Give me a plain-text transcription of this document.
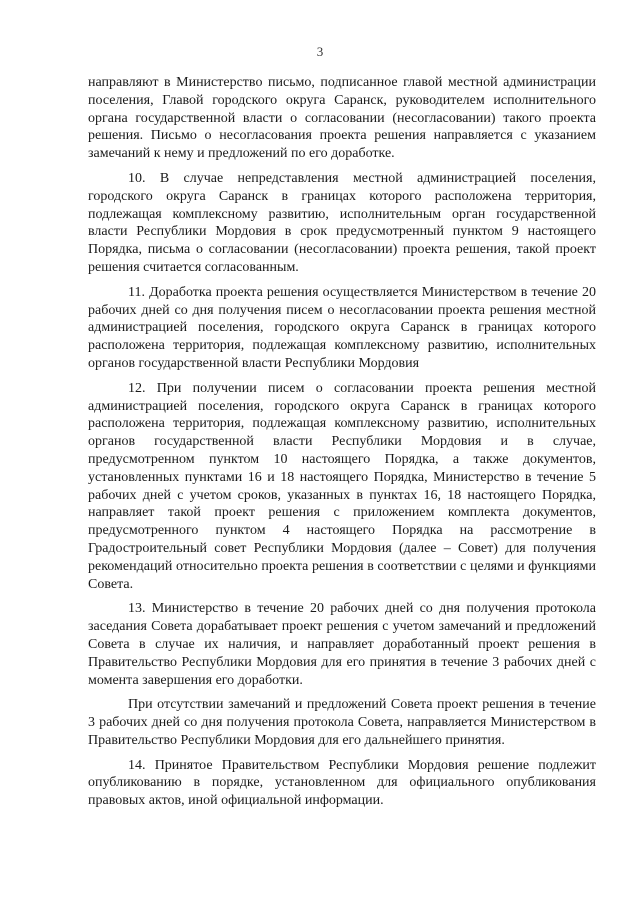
3

направляют в Министерство письмо, подписанное главой местной администрации поселения, Главой городского округа Саранск, руководителем исполнительного органа государственной власти о согласовании (несогласовании) такого проекта решения. Письмо о несогласования проекта решения направляется с указанием замечаний к нему и предложений по его доработке.

10. В случае непредставления местной администрацией поселения, городского округа Саранск в границах которого расположена территория, подлежащая комплексному развитию, исполнительным орган государственной власти Республики Мордовия в срок предусмотренный пунктом 9 настоящего Порядка, письма о согласовании (несогласовании) проекта решения, такой проект решения считается согласованным.

11. Доработка проекта решения осуществляется Министерством в течение 20 рабочих дней со дня получения писем о несогласовании проекта решения местной администрацией поселения, городского округа Саранск в границах которого расположена территория, подлежащая комплексному развитию, исполнительных органов государственной власти Республики Мордовия

12. При получении писем о согласовании проекта решения местной администрацией поселения, городского округа Саранск в границах которого расположена территория, подлежащая комплексному развитию, исполнительных органов государственной власти Республики Мордовия и в случае, предусмотренном пунктом 10 настоящего Порядка, а также документов, установленных пунктами 16 и 18 настоящего Порядка, Министерство в течение 5 рабочих дней с учетом сроков, указанных в пунктах 16, 18 настоящего Порядка, направляет такой проект решения с приложением комплекта документов, предусмотренного пунктом 4 настоящего Порядка на рассмотрение в Градостроительный совет Республики Мордовия (далее – Совет) для получения рекомендаций относительно проекта решения в соответствии с целями и функциями Совета.

13. Министерство в течение 20 рабочих дней со дня получения протокола заседания Совета дорабатывает проект решения с учетом замечаний и предложений Совета в случае их наличия, и направляет доработанный проект решения в Правительство Республики Мордовия для его принятия в течение 3 рабочих дней с момента завершения его доработки.

При отсутствии замечаний и предложений Совета проект решения в течение 3 рабочих дней со дня получения протокола Совета, направляется Министерством в Правительство Республики Мордовия для его дальнейшего принятия.

14. Принятое Правительством Республики Мордовия решение подлежит опубликованию в порядке, установленном для официального опубликования правовых актов, иной официальной информации.
